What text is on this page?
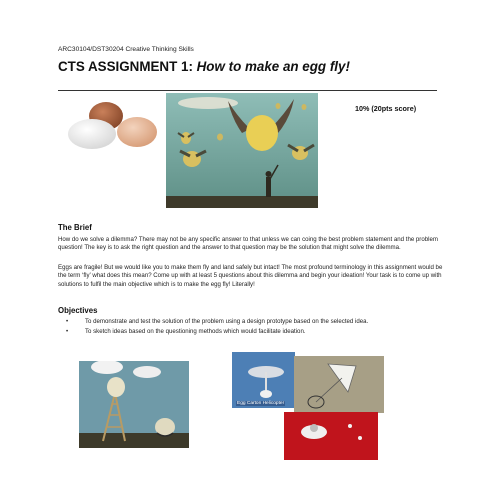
ARC30104/DST30204 Creative Thinking Skills
CTS ASSIGNMENT 1: How to make an egg fly!
10% (20pts score)
The Brief
How do we solve a dilemma? There may not be any specific answer to that unless we can coing the best problem statement and the problem question! The key is to ask the right question and the answer to that question may be the solution that might solve the dilemma.
Eggs are fragile! But we would like you to make them fly and land safely but intact! The most profound terminology in this assignment would be the term ‘fly’ what does this mean? Come up with at least 5 questions about this dilemma and begin your ideation! Your task is to come up with solutions to fulfil the main objective which is to make the egg fly! Literally!
Objectives
•	To demonstrate and test the solution of the problem using a design prototype based on the selected idea.
•	To sketch ideas based on the questioning methods which would facilitate ideation.
Egg Carton Helicopter
